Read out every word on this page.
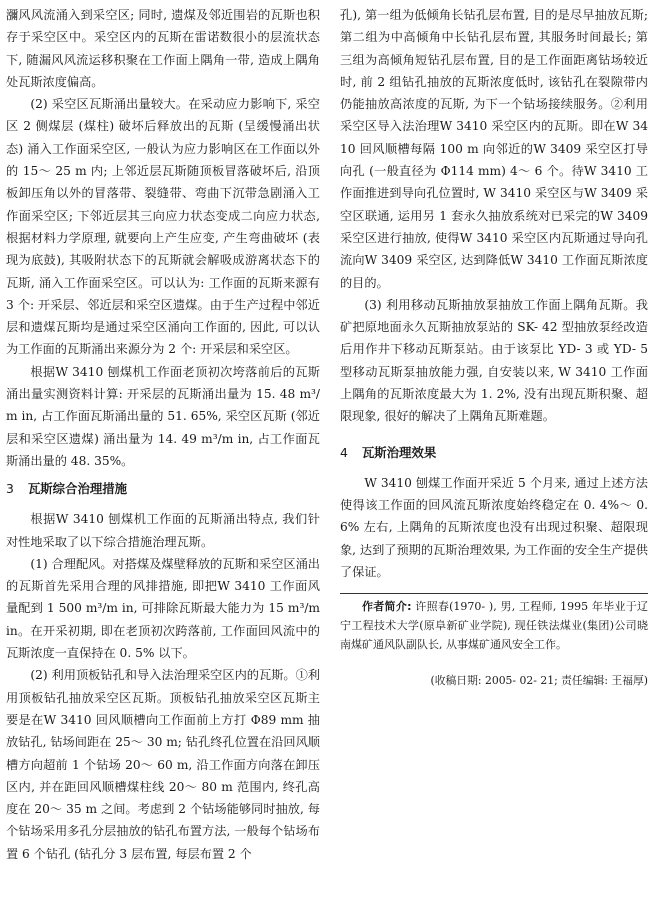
瀰风风流涌入到采空区; 同时, 遗煤及邻近围岩的瓦斯也积存于采空区中。采空区内的瓦斯在雷诺数很小的层流状态下, 随漏风风流运移积聚在工作面上隅角一带, 造成上隅角处瓦斯浓度偏高。

(2) 采空区瓦斯涌出量较大。在采动应力影响下, 采空区 2 侧煤层 (煤柱) 破坏后释放出的瓦斯 (呈缓慢涌出状态) 涌入工作面采空区, 一般认为应力影响区在工作面以外的 15～ 25 m 内; 上邻近层瓦斯随顶板冒落破坏后, 沿顶板卸压角以外的冒落带、裂缝带、弯曲下沉带急剧涌入工作面采空区; 下邻近层其三向应力状态变成二向应力状态, 根据材料力学原理, 就要向上产生应变, 产生弯曲破坏 (表现为底鼓), 其吸附状态下的瓦斯就会解吸成游离状态下的瓦斯, 涌入工作面采空区。可以认为: 工作面的瓦斯来源有 3 个: 开采层、邻近层和采空区遗煤。由于生产过程中邻近层和遗煤瓦斯均是通过采空区涌向工作面的, 因此, 可以认为工作面的瓦斯涌出来源分为 2 个: 开采层和采空区。

根据W 3410 刨煤机工作面老顶初次垮落前后的瓦斯涌出量实测资料计算: 开采层的瓦斯涌出量为 15. 48 m³/m in, 占工作面瓦斯涌出量的 51. 65%, 采空区瓦斯 (邻近层和采空区遗煤) 涌出量为 14. 49 m³/m in, 占工作面瓦斯涌出量的 48. 35%。

3 瓦斯综合治理措施

根据W 3410 刨煤机工作面的瓦斯涌出特点, 我们针对性地采取了以下综合措施治理瓦斯。

(1) 合理配风。对搭煤及煤壁释放的瓦斯和采空区涌出的瓦斯首先采用合理的风排措施, 即把W 3410 工作面风量配到 1 500 m³/m in, 可排除瓦斯最大能力为 15 m³/m in。在开采初期, 即在老顶初次跨落前, 工作面回风流中的瓦斯浓度一直保持在 0. 5% 以下。

(2) 利用顶板钻孔和导入法治理采空区内的瓦斯。①利用顶板钻孔抽放采空区瓦斯。顶板钻孔抽放采空区瓦斯主要是在W 3410 回风顺槽向工作面前上方打 Φ89 mm 抽放钻孔, 钻场间距在 25～ 30 m; 钻孔终孔位置在沿回风顺槽方向超前 1 个钻场 20～ 60 m, 沿工作面方向落在卸压区内, 并在距回风顺槽煤柱线 20～ 80 m 范围内, 终孔高度在 20～ 35 m 之间。考虑到 2 个钻场能够同时抽放, 每个钻场采用多孔分层抽放的钻孔布置方法, 一般每个钻场布置 6 个钻孔 (钻孔分 3 层布置, 每层布置 2 个

孔), 第一组为低倾角长钻孔层布置, 目的是尽早抽放瓦斯; 第二组为中高倾角中长钻孔层布置, 其服务时间最长; 第三组为高倾角短钻孔层布置, 目的是工作面距离钻场较近时, 前 2 组钻孔抽放的瓦斯浓度低时, 该钻孔在裂隙带内仍能抽放高浓度的瓦斯, 为下一个钻场接续服务。②利用采空区导入法治理W 3410 采空区内的瓦斯。即在W 3410 回风顺槽每隔 100 m 向邻近的W 3409 采空区打导向孔 (一般直径为 Φ114 mm) 4～ 6 个。待W 3410 工作面推进到导向孔位置时, W 3410 采空区与W 3409 采空区联通, 运用另 1 套永久抽放系统对已采完的W 3409 采空区进行抽放, 使得W 3410 采空区内瓦斯通过导向孔流向W 3409 采空区, 达到降低W 3410 工作面瓦斯浓度的目的。

(3) 利用移动瓦斯抽放泵抽放工作面上隅角瓦斯。我矿把原地面永久瓦斯抽放泵站的 SK- 42 型抽放泵经改造后用作井下移动瓦斯泵站。由于该泵比 YD- 3 或 YD- 5 型移动瓦斯泵抽放能力强, 自安装以来, W 3410 工作面上隅角的瓦斯浓度最大为 1. 2%, 没有出现瓦斯积聚、超限现象, 很好的解决了上隅角瓦斯难题。

4 瓦斯治理效果

W 3410 刨煤工作面开采近 5 个月来, 通过上述方法使得该工作面的回风流瓦斯浓度始终稳定在 0. 4%～ 0. 6% 左右, 上隅角的瓦斯浓度也没有出现过积聚、超限现象, 达到了预期的瓦斯治理效果, 为工作面的安全生产提供了保证。

作者简介: 许照春(1970- ), 男, 工程师, 1995 年毕业于辽宁工程技术大学(原阜新矿业学院), 现任铁法煤业(集团)公司晓南煤矿通风队副队长, 从事煤矿通风安全工作。
(收稿日期: 2005- 02- 21; 责任编辑: 王福厚)
